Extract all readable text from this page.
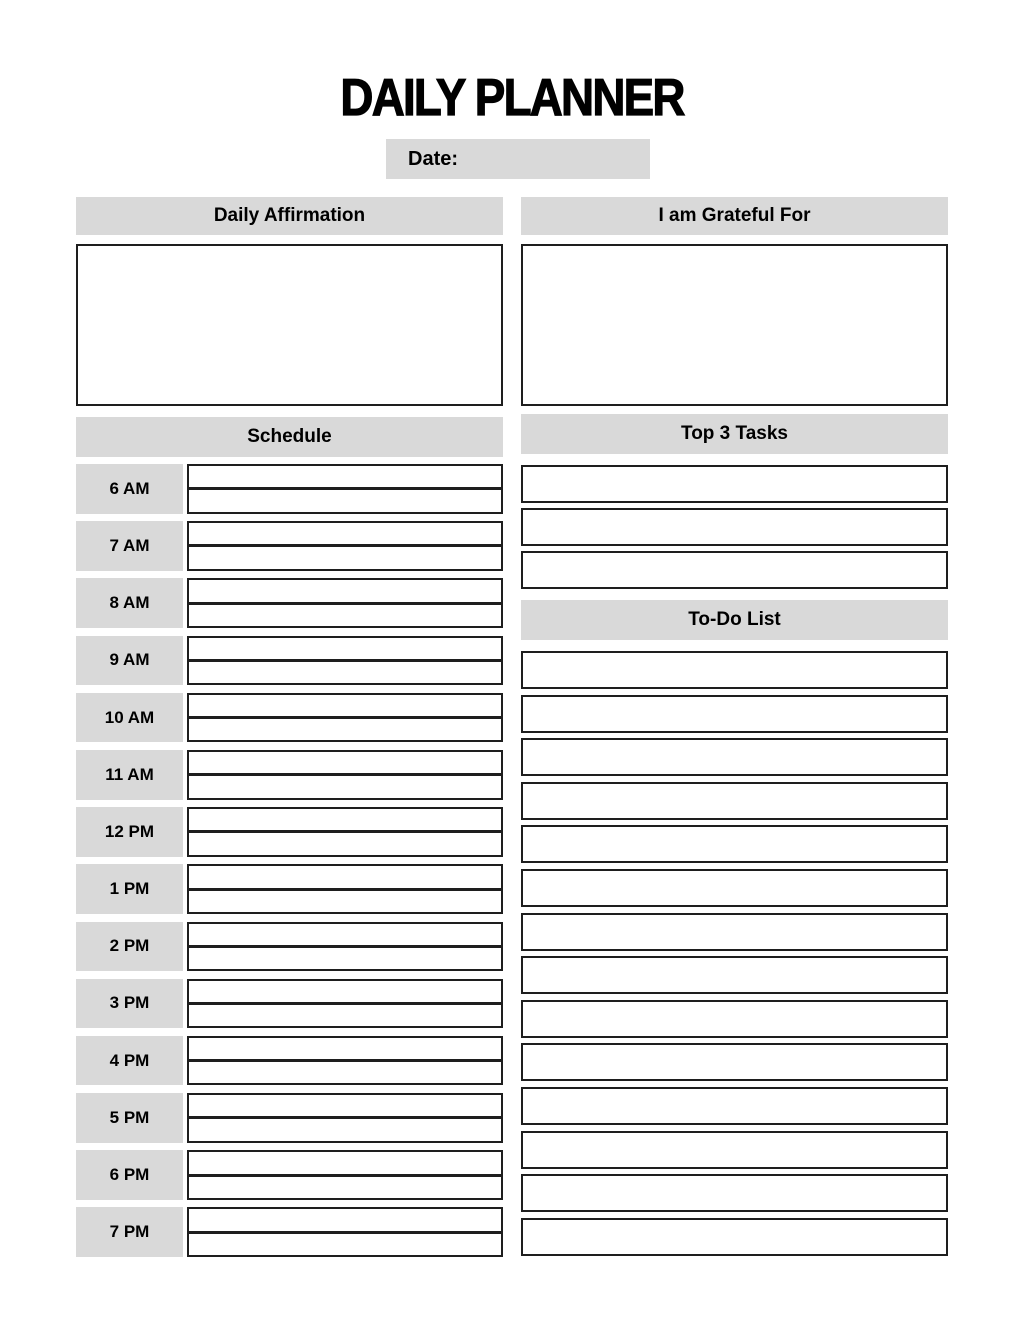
DAILY PLANNER
Date:
Daily Affirmation
Schedule
6 AM
7 AM
8 AM
9 AM
10 AM
11 AM
12 PM
1 PM
2 PM
3 PM
4 PM
5 PM
6 PM
7 PM
I am Grateful For
Top 3 Tasks
To-Do List
